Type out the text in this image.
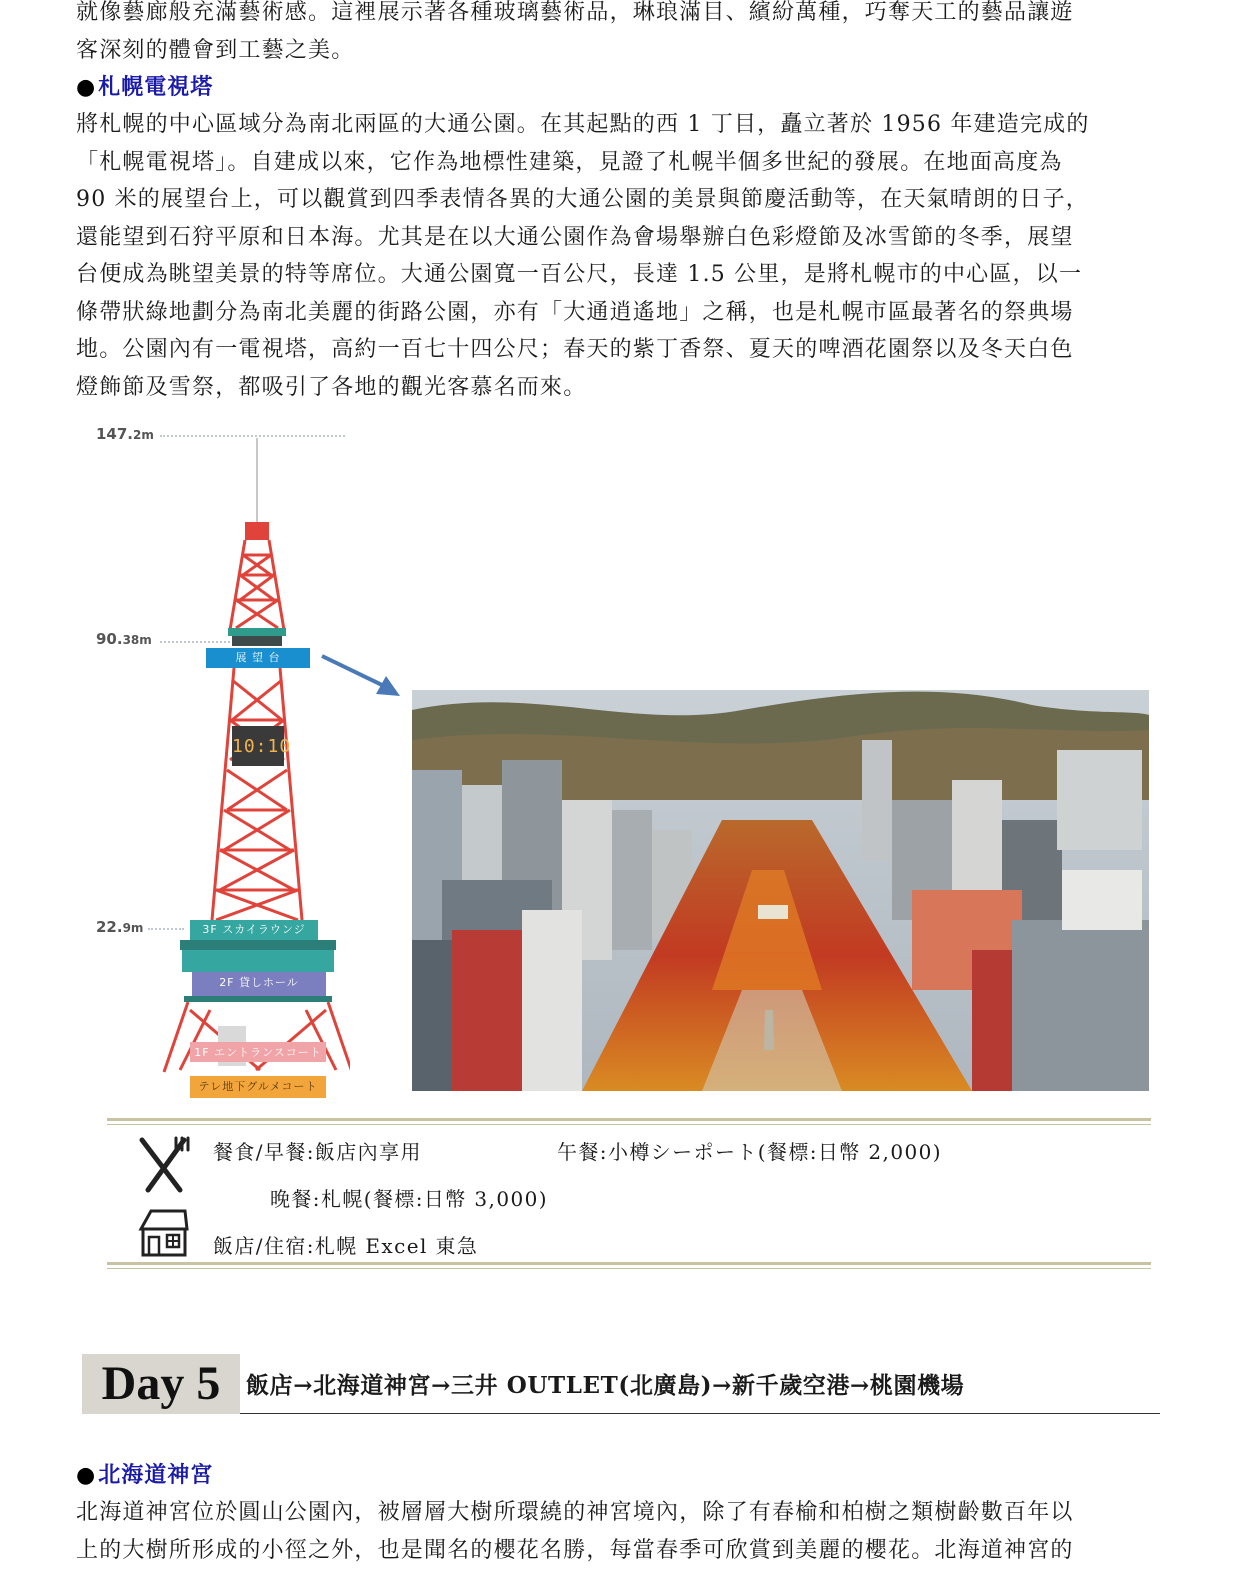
就像藝廊般充滿藝術感。這裡展示著各種玻璃藝術品，琳琅滿目、繽紛萬種，巧奪天工的藝品讓遊
客深刻的體會到工藝之美。
●札幌電視塔
將札幌的中心區域分為南北兩區的大通公園。在其起點的西 1 丁目，矗立著於 1956 年建造完成的
「札幌電視塔」。自建成以來，它作為地標性建築，見證了札幌半個多世紀的發展。在地面高度為
90 米的展望台上，可以觀賞到四季表情各異的大通公園的美景與節慶活動等，在天氣晴朗的日子，
還能望到石狩平原和日本海。尤其是在以大通公園作為會場舉辦白色彩燈節及冰雪節的冬季，展望
台便成為眺望美景的特等席位。大通公園寬一百公尺，長達 1.5 公里，是將札幌市的中心區，以一
條帶狀綠地劃分為南北美麗的街路公園，亦有「大通逍遙地」之稱，也是札幌市區最著名的祭典場
地。公園內有一電視塔，高約一百七十四公尺；春天的紫丁香祭、夏天的啤酒花園祭以及冬天白色
燈飾節及雪祭，都吸引了各地的觀光客慕名而來。
147.2m
90.38m
22.9m
展 望 台
10:10
3F スカイラウンジ
2F 貸しホール
1F エントランスコート
テレ地下グルメコート
餐食/早餐:飯店內享用	午餐:小樽シーポート(餐標:日幣 2,000)
晚餐:札幌(餐標:日幣 3,000)
飯店/住宿:札幌 Excel 東急
Day 5	飯店→北海道神宮→三井 OUTLET(北廣島)→新千歲空港→桃園機場
●北海道神宮
北海道神宮位於圓山公園內，被層層大樹所環繞的神宮境內，除了有春榆和柏樹之類樹齡數百年以
上的大樹所形成的小徑之外，也是聞名的櫻花名勝，每當春季可欣賞到美麗的櫻花。北海道神宮的
